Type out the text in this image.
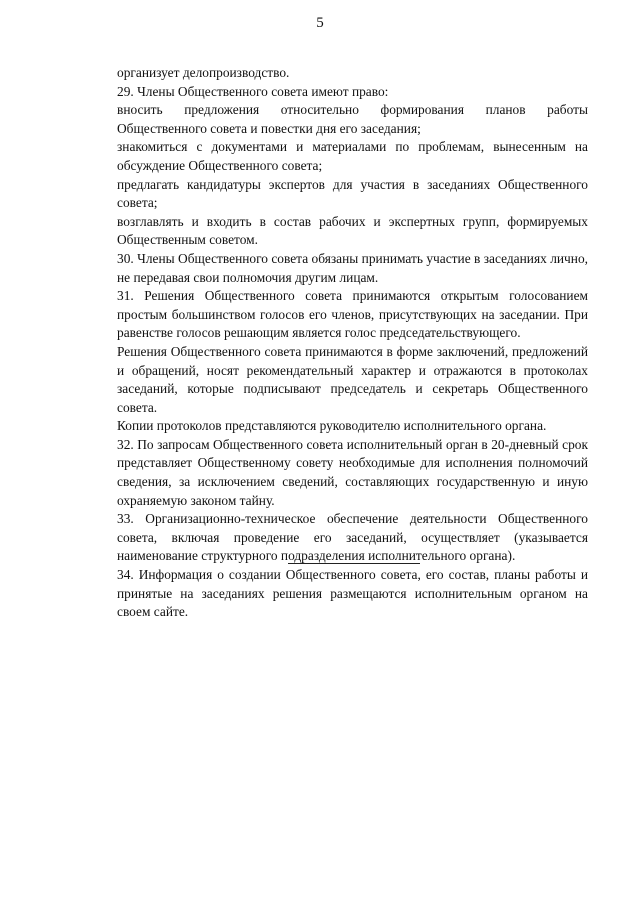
5

организует делопроизводство.

29. Члены Общественного совета имеют право:

вносить предложения относительно формирования планов работы Общественного совета и повестки дня его заседания;

знакомиться с документами и материалами по проблемам, вынесенным на обсуждение Общественного совета;

предлагать кандидатуры экспертов для участия в заседаниях Общественного совета;

возглавлять и входить в состав рабочих и экспертных групп, формируемых Общественным советом.

30. Члены Общественного совета обязаны принимать участие в заседаниях лично, не передавая свои полномочия другим лицам.

31. Решения Общественного совета принимаются открытым голосованием простым большинством голосов его членов, присутствующих на заседании. При равенстве голосов решающим является голос председательствующего.

Решения Общественного совета принимаются в форме заключений, предложений и обращений, носят рекомендательный характер и отражаются в протоколах заседаний, которые подписывают председатель и секретарь Общественного совета.

Копии протоколов представляются руководителю исполнительного органа.

32. По запросам Общественного совета исполнительный орган в 20-дневный срок представляет Общественному совету необходимые для исполнения полномочий сведения, за исключением сведений, составляющих государственную и иную охраняемую законом тайну.

33. Организационно-техническое обеспечение деятельности Общественного совета, включая проведение его заседаний, осуществляет (указывается наименование структурного подразделения исполнительного органа).

34. Информация о создании Общественного совета, его состав, планы работы и принятые на заседаниях решения размещаются исполнительным органом на своем сайте.
